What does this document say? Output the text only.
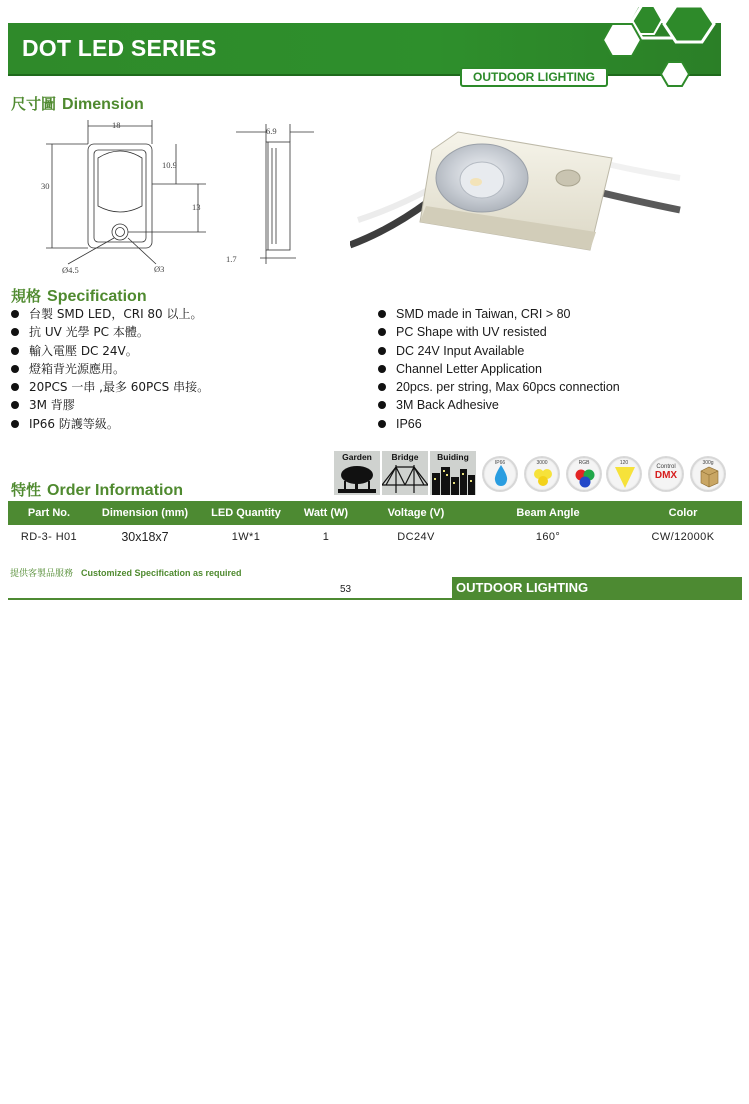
DOT LED SERIES
OUTDOOR LIGHTING
尺寸圖 Dimension
18
30
10.9
13
6.9
1.7
Ø4.5	Ø3
規格 Specification
台製 SMD LED，CRI 80 以上。
抗 UV 光學 PC 本體。
輸入電壓 DC 24V。
燈箱背光源應用。
20PCS 一串 ,最多 60PCS 串接。
3M 背膠
IP66 防護等級。
SMD made in Taiwan, CRI > 80
PC Shape with UV resisted
DC 24V Input Available
Channel Letter Application
20pcs. per string, Max 60pcs connection
3M Back Adhesive
IP66
Garden	Bridge	Buiding
IP66	3000	RGB	120
Control
DMX
300g
特性 Order Information
Part No.	Dimension (mm)	LED Quantity	Watt (W)	Voltage (V)	Beam Angle	Color
RD-3- H01	30x18x7	1W*1	1	DC24V	160°	CW/12000K
提供客製品服務 Customized Specification as required
53	OUTDOOR LIGHTING
